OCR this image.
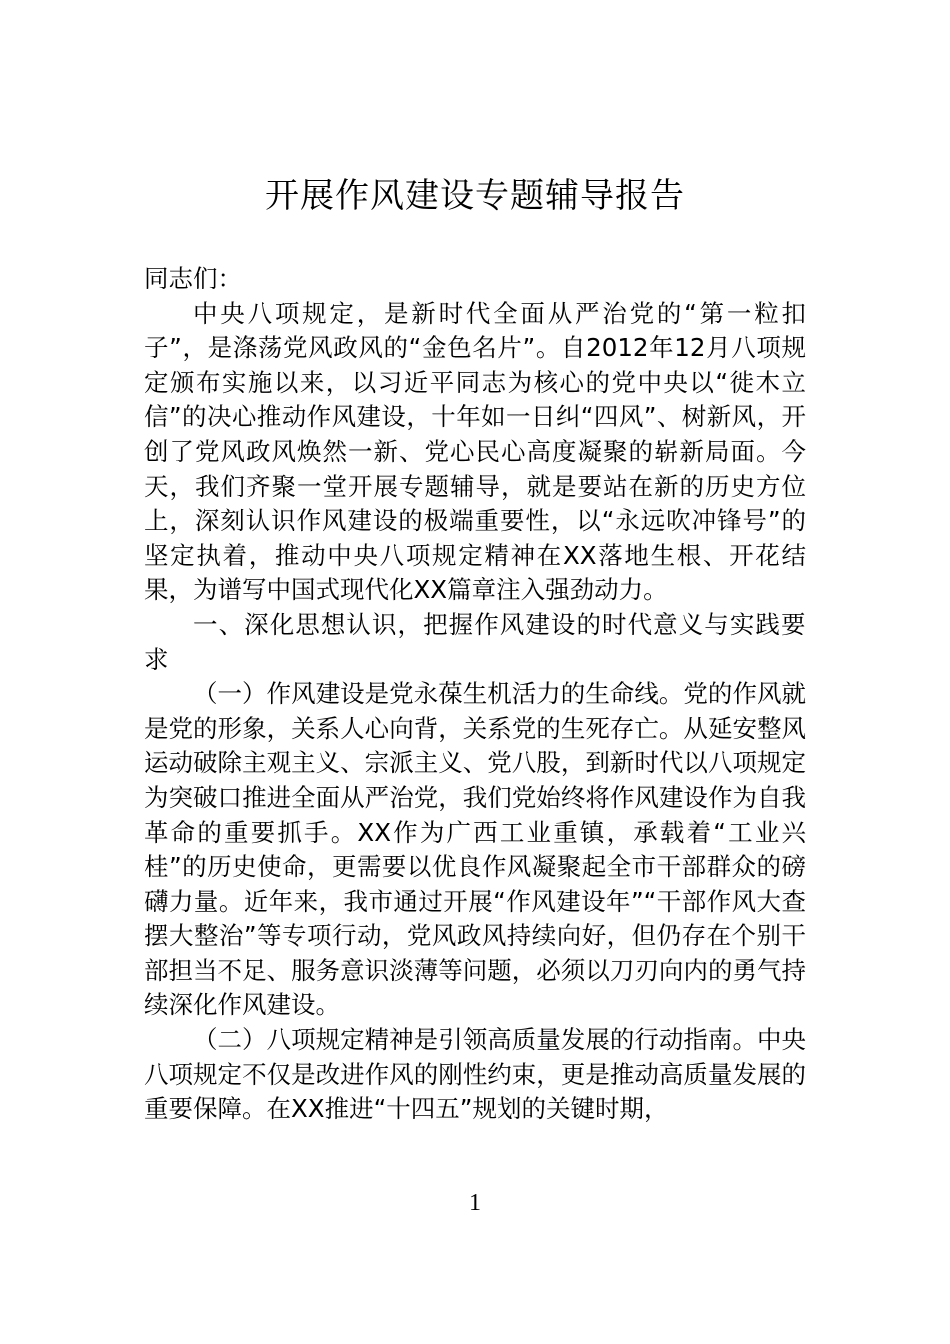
开展作风建设专题辅导报告

同志们：

中央八项规定，是新时代全面从严治党的“第一粒扣子”，是涤荡党风政风的“金色名片”。自2012年12月八项规定颁布实施以来，以习近平同志为核心的党中央以“徙木立信”的决心推动作风建设，十年如一日纠“四风”、树新风，开创了党风政风焕然一新、党心民心高度凝聚的崭新局面。今天，我们齐聚一堂开展专题辅导，就是要站在新的历史方位上，深刻认识作风建设的极端重要性，以“永远吹冲锋号”的坚定执着，推动中央八项规定精神在XX落地生根、开花结果，为谱写中国式现代化XX篇章注入强劲动力。

一、深化思想认识，把握作风建设的时代意义与实践要求

（一）作风建设是党永葆生机活力的生命线。党的作风就是党的形象，关系人心向背，关系党的生死存亡。从延安整风运动破除主观主义、宗派主义、党八股，到新时代以八项规定为突破口推进全面从严治党，我们党始终将作风建设作为自我革命的重要抓手。XX作为广西工业重镇，承载着“工业兴桂”的历史使命，更需要以优良作风凝聚起全市干部群众的磅礴力量。近年来，我市通过开展“作风建设年”“干部作风大查摆大整治”等专项行动，党风政风持续向好，但仍存在个别干部担当不足、服务意识淡薄等问题，必须以刀刃向内的勇气持续深化作风建设。

（二）八项规定精神是引领高质量发展的行动指南。中央八项规定不仅是改进作风的刚性约束，更是推动高质量发展的重要保障。在XX推进“十四五”规划的关键时期，

1
